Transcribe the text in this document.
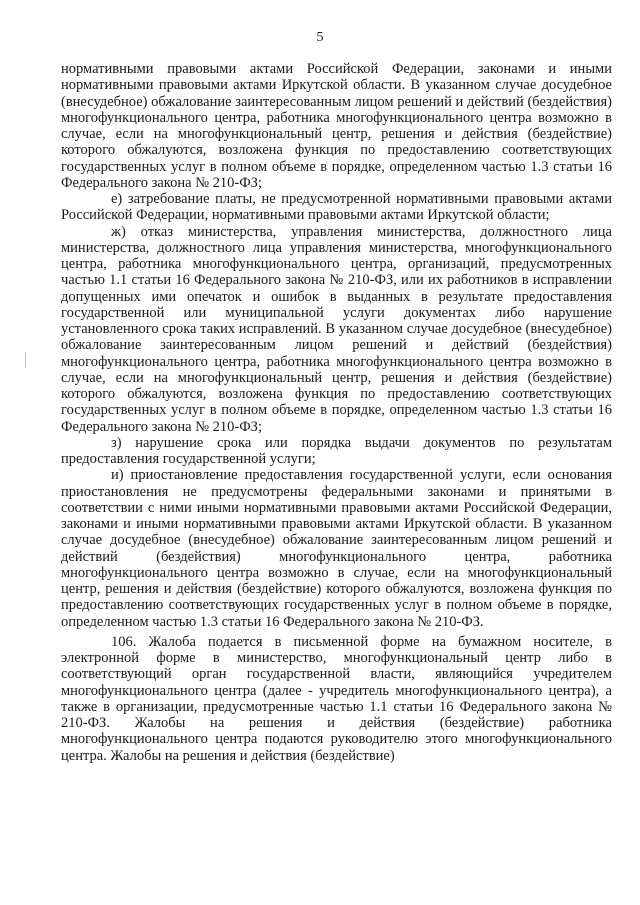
5

нормативными правовыми актами Российской Федерации, законами и иными нормативными правовыми актами Иркутской области. В указанном случае досудебное (внесудебное) обжалование заинтересованным лицом решений и действий (бездействия) многофункционального центра, работника многофункционального центра возможно в случае, если на многофункциональный центр, решения и действия (бездействие) которого обжалуются, возложена функция по предоставлению соответствующих государственных услуг в полном объеме в порядке, определенном частью 1.3 статьи 16 Федерального закона № 210-ФЗ;

е) затребование платы, не предусмотренной нормативными правовыми актами Российской Федерации, нормативными правовыми актами Иркутской области;

ж) отказ министерства, управления министерства, должностного лица министерства, должностного лица управления министерства, многофункционального центра, работника многофункционального центра, организаций, предусмотренных частью 1.1 статьи 16 Федерального закона № 210-ФЗ, или их работников в исправлении допущенных ими опечаток и ошибок в выданных в результате предоставления государственной или муниципальной услуги документах либо нарушение установленного срока таких исправлений. В указанном случае досудебное (внесудебное) обжалование заинтересованным лицом решений и действий (бездействия) многофункционального центра, работника многофункционального центра возможно в случае, если на многофункциональный центр, решения и действия (бездействие) которого обжалуются, возложена функция по предоставлению соответствующих государственных услуг в полном объеме в порядке, определенном частью 1.3 статьи 16 Федерального закона № 210-ФЗ;

з) нарушение срока или порядка выдачи документов по результатам предоставления государственной услуги;

и) приостановление предоставления государственной услуги, если основания приостановления не предусмотрены федеральными законами и принятыми в соответствии с ними иными нормативными правовыми актами Российской Федерации, законами и иными нормативными правовыми актами Иркутской области. В указанном случае досудебное (внесудебное) обжалование заинтересованным лицом решений и действий (бездействия) многофункционального центра, работника многофункционального центра возможно в случае, если на многофункциональный центр, решения и действия (бездействие) которого обжалуются, возложена функция по предоставлению соответствующих государственных услуг в полном объеме в порядке, определенном частью 1.3 статьи 16 Федерального закона № 210-ФЗ.

106. Жалоба подается в письменной форме на бумажном носителе, в электронной форме в министерство, многофункциональный центр либо в соответствующий орган государственной власти, являющийся учредителем многофункционального центра (далее - учредитель многофункционального центра), а также в организации, предусмотренные частью 1.1 статьи 16 Федерального закона № 210-ФЗ. Жалобы на решения и действия (бездействие) работника многофункционального центра подаются руководителю этого многофункционального центра. Жалобы на решения и действия (бездействие)
